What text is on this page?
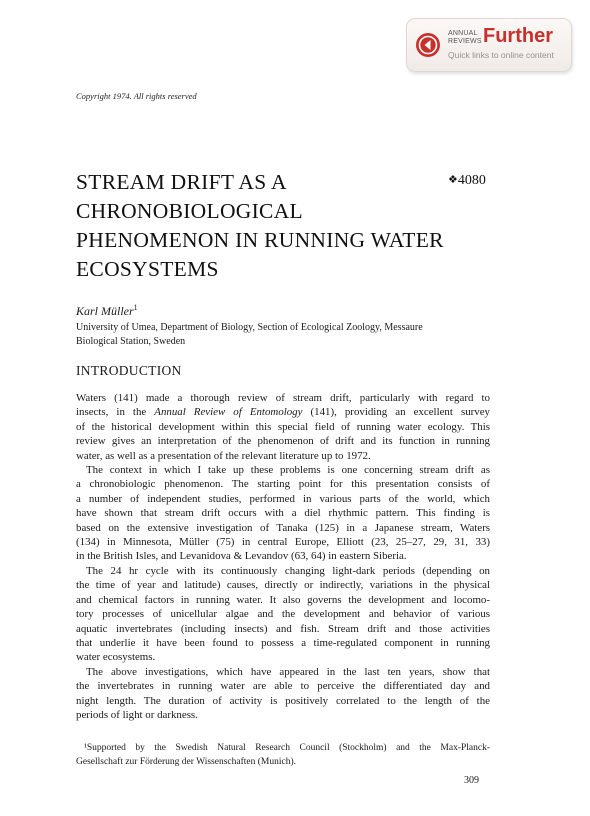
ANNUAL
REVIEWS Further
Quick links to online content
Copyright 1974. All rights reserved
STREAM DRIFT AS A
CHRONOBIOLOGICAL
PHENOMENON IN RUNNING WATER
ECOSYSTEMS
❖4080
Karl Müller$^1$
University of Umea, Department of Biology, Section of Ecological Zoology, Messaure
Biological Station, Sweden
INTRODUCTION
Waters (141) made a thorough review of stream drift, particularly with regard to
insects, in the Annual Review of Entomology (141), providing an excellent survey
of the historical development within this special field of running water ecology. This
review gives an interpretation of the phenomenon of drift and its function in running
water, as well as a presentation of the relevant literature up to 1972.
The context in which I take up these problems is one concerning stream drift as
a chronobiologic phenomenon. The starting point for this presentation consists of
a number of independent studies, performed in various parts of the world, which
have shown that stream drift occurs with a diel rhythmic pattern. This finding is
based on the extensive investigation of Tanaka (125) in a Japanese stream, Waters
(134) in Minnesota, Müller (75) in central Europe, Elliott (23, 25–27, 29, 31, 33)
in the British Isles, and Levanidova & Levandov (63, 64) in eastern Siberia.
The 24 hr cycle with its continuously changing light-dark periods (depending on
the time of year and latitude) causes, directly or indirectly, variations in the physical
and chemical factors in running water. It also governs the development and locomo-
tory processes of unicellular algae and the development and behavior of various
aquatic invertebrates (including insects) and fish. Stream drift and those activities
that underlie it have been found to possess a time-regulated component in running
water ecosystems.
The above investigations, which have appeared in the last ten years, show that
the invertebrates in running water are able to perceive the differentiated day and
night length. The duration of activity is positively correlated to the length of the
periods of light or darkness.
¹Supported by the Swedish Natural Research Council (Stockholm) and the Max-Planck-
Gesellschaft zur Förderung der Wissenschaften (Munich).
309
